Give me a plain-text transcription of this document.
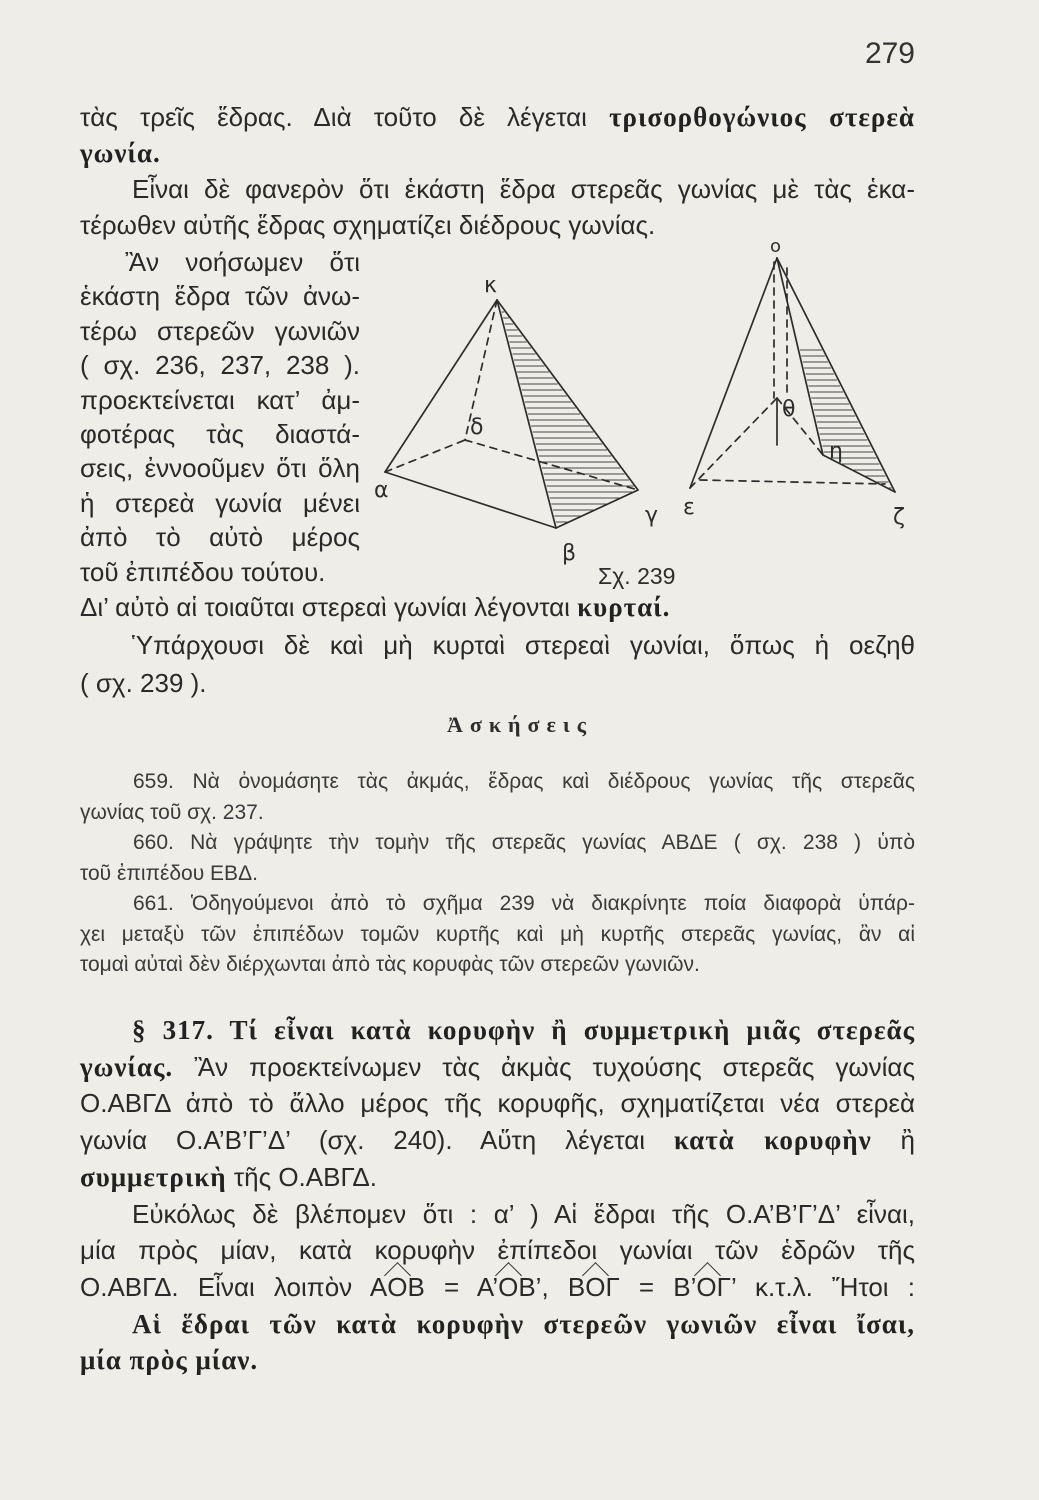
279
τὰς τρεῖς ἕδρας. Διὰ τοῦτο δὲ λέγεται τρισορθογώνιος στερεὰ
γωνία.
Εἶναι δὲ φανερὸν ὅτι ἑκάστη ἕδρα στερεᾶς γωνίας μὲ τὰς ἑκα-
τέρωθεν αὐτῆς ἕδρας σχηματίζει διέδρους γωνίας.
Ἂν νοήσωμεν ὅτι
ἑκάστη ἕδρα τῶν ἀνω-
τέρω στερεῶν γωνιῶν
( σχ. 236, 237, 238 ).
προεκτείνεται κατ’ ἀμ-
φοτέρας τὰς διαστά-
σεις, ἐννοοῦμεν ὅτι ὅλη
ἡ στερεὰ γωνία μένει
ἀπὸ τὸ αὐτὸ μέρος
τοῦ ἐπιπέδου τούτου.
κ
α
β
γ
δ
ο
ε	ζ
θ
η
Σχ. 239
Δι’ αὐτὸ αἱ τοιαῦται στερεαὶ γωνίαι λέγονται κυρταί.
Ὑπάρχουσι δὲ καὶ μὴ κυρταὶ στερεαὶ γωνίαι, ὅπως ἡ οεζηθ
( σχ. 239 ).
Ἀσκήσεις
659. Νὰ ὀνομάσητε τὰς ἀκμάς, ἕδρας καὶ διέδρους γωνίας τῆς στερεᾶς
γωνίας τοῦ σχ. 237.
660. Νὰ γράψητε τὴν τομὴν τῆς στερεᾶς γωνίας ΑΒΔΕ ( σχ. 238 ) ὑπὸ
τοῦ ἐπιπέδου ΕΒΔ.
661. Ὁδηγούμενοι ἀπὸ τὸ σχῆμα 239 νὰ διακρίνητε ποία διαφορὰ ὑπάρ-
χει μεταξὺ τῶν ἐπιπέδων τομῶν κυρτῆς καὶ μὴ κυρτῆς στερεᾶς γωνίας, ἂν αἱ
τομαὶ αὐταὶ δὲν διέρχωνται ἀπὸ τὰς κορυφὰς τῶν στερεῶν γωνιῶν.
§ 317. Τί εἶναι κατὰ κορυφὴν ἢ συμμετρικὴ μιᾶς στερεᾶς
γωνίας. Ἂν προεκτείνωμεν τὰς ἀκμὰς τυχούσης στερεᾶς γωνίας
Ο.ΑΒΓΔ ἀπὸ τὸ ἄλλο μέρος τῆς κορυφῆς, σχηματίζεται νέα στερεὰ
γωνία Ο.Α’Β’Γ’Δ’ (σχ. 240). Αὕτη λέγεται κατὰ κορυφὴν ἢ
συμμετρικὴ τῆς Ο.ΑΒΓΔ.
Εὐκόλως δὲ βλέπομεν ὅτι : α’ ) Αἱ ἕδραι τῆς Ο.Α’Β’Γ’Δ’ εἶναι,
μία πρὸς μίαν, κατὰ κορυφὴν ἐπίπεδοι γωνίαι τῶν ἑδρῶν τῆς
Ο.ΑΒΓΔ. Εἶναι λοιπὸν ΑΟΒ = Α’ΟΒ’, ΒΟΓ = Β’ΟΓ’ κ.τ.λ. Ἤτοι :
Αἱ ἕδραι τῶν κατὰ κορυφὴν στερεῶν γωνιῶν εἶναι ἴσαι,
μία πρὸς μίαν.
